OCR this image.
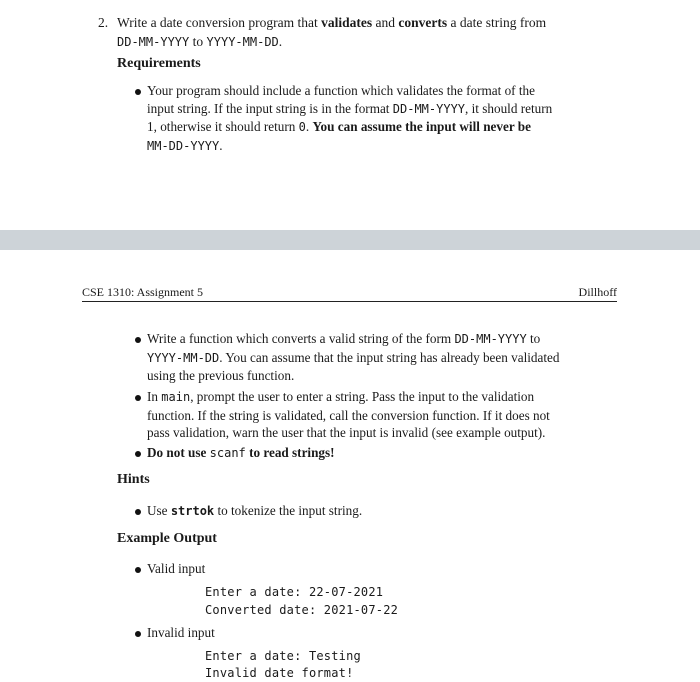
2. Write a date conversion program that validates and converts a date string from
DD-MM-YYYY to YYYY-MM-DD.
Requirements
Your program should include a function which validates the format of the
input string. If the input string is in the format DD-MM-YYYY, it should return
1, otherwise it should return 0. You can assume the input will never be
MM-DD-YYYY.
CSE 1310: Assignment 5	Dillhoff
Write a function which converts a valid string of the form DD-MM-YYYY to
YYYY-MM-DD. You can assume that the input string has already been validated
using the previous function.
In main, prompt the user to enter a string. Pass the input to the validation
function. If the string is validated, call the conversion function. If it does not
pass validation, warn the user that the input is invalid (see example output).
Do not use scanf to read strings!
Hints
Use strtok to tokenize the input string.
Example Output
Valid input
Enter a date: 22-07-2021
Converted date: 2021-07-22
Invalid input
Enter a date: Testing
Invalid date format!
